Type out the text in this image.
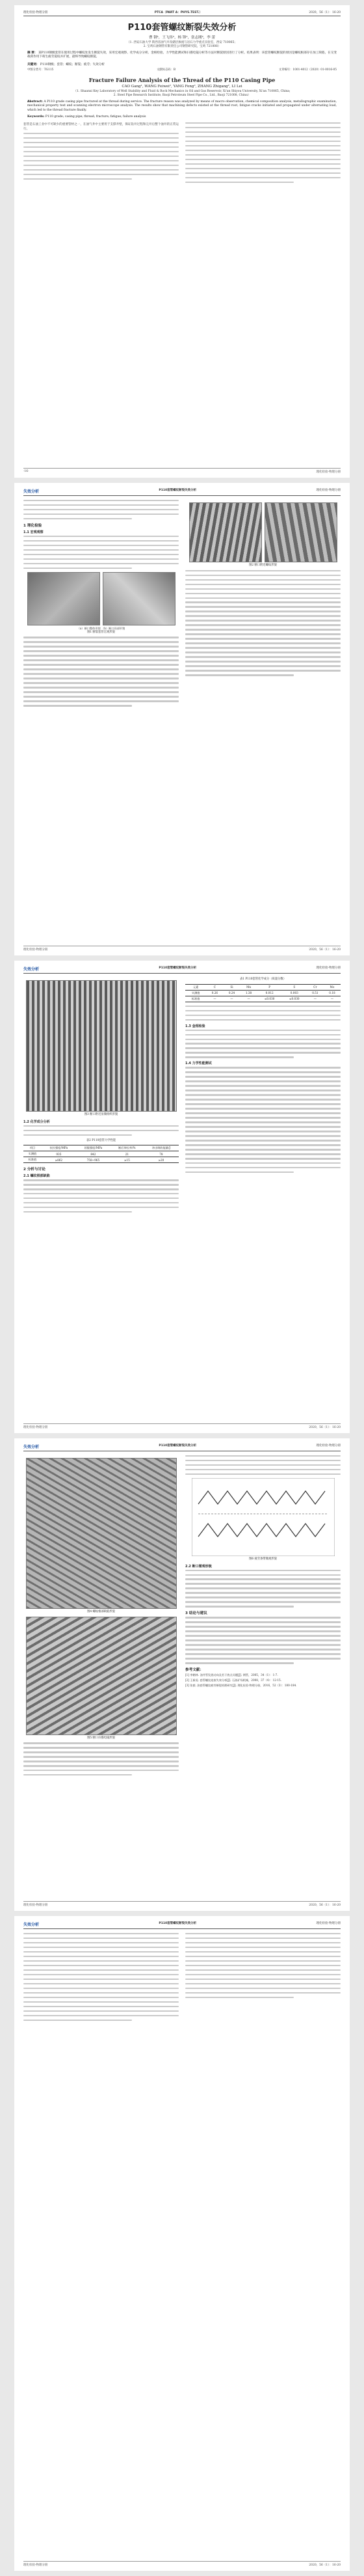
理化检验-物理分册	PTCA（PART A：PHYS.TEST.）	2020，56（1）：16-20
P110套管螺纹断裂失效分析
曹 钢¹，王飞伟²，杨 锋²，张志刚²，李 蕾
（1. 西安石油大学 陕西省油气井及储层渗流与岩石力学重点实验室，西安 710065；
2. 宝鸡石油钢管有限责任公司钢管研究院，宝鸡 721008）
摘 要： 某P110钢级套管在使用过程中螺纹处发生断裂失效，采用宏观观察、化学成分分析、金相检验、力学性能测试和扫描电镜分析等方法对断裂原因进行了分析。结果表明：该套管螺纹断裂的原因是螺纹根部存在加工缺陷，在交变载荷作用下萌生疲劳裂纹并扩展，最终导致螺纹断裂。
关键词： P110钢级；套管；螺纹；断裂；疲劳；失效分析
中图分类号：TG115	文献标志码：B	文章编号：1001-4012（2020）01-0016-05
Fracture Failure Analysis of the Thread of the P110 Casing Pipe
CAO Gang¹, WANG Feiwei², YANG Feng², ZHANG Zhigang², LI Lei
（1. Shaanxi Key Laboratory of Well Stability and Fluid & Rock Mechanics in Oil and Gas Reservoir, Xi'an Shiyou University, Xi'an 710065, China;
2. Steel Pipe Research Institute, Baoji Petroleum Steel Pipe Co., Ltd., Baoji 721008, China）
Abstract: A P110 grade casing pipe fractured at the thread during service. The fracture reason was analyzed by means of macro observation, chemical composition analysis, metallographic examination, mechanical property test and scanning electron microscope analysis. The results show that machining defects existed at the thread root, fatigue cracks initiated and propagated under alternating load, which led to the thread fracture finally.
Keywords: P110 grade; casing pipe; thread; fracture; fatigue; failure analysis

套管是石油工业中不可缺少的重要管材之一，在油气井中主要用于支撑井壁，保证钻井过程和完井后整个油井的正常运行。

·16·	理化检验-物理分册
失效分析	P110套管螺纹断裂失效分析	理化检验-物理分册
1 理化检验
1.1 宏观观察
（a）断口整体形貌 （b）断口局部形貌
图1 断裂套管宏观形貌
图2 断口附近螺纹形貌
理化检验-物理分册	2020，56（1）：16-20
失效分析	P110套管螺纹断裂失效分析	理化检验-物理分册
图3 断口附近显微组织形貌
1.2 化学成分分析
表2 P110套管力学性能
项目	抗拉强度/MPa	屈服强度/MPa	断后伸长率/%	冲击吸收能量/J
实测值	935	842	21	78
标准值	≥862	758~965	≥15	≥20
2 分析与讨论
2.1 螺纹根部缺陷
表1 P110套管化学成分（质量分数）
元素	C	Si	Mn	P	S	Cr	Mo
实测值	0.26	0.24	1.38	0.012	0.003	0.51	0.18
标准值	—	—	—	≤0.030	≤0.030	—	—
1.3 金相检验
1.4 力学性能测试
理化检验-物理分册	2020，56（1）：16-20
失效分析	P110套管螺纹断裂失效分析	理化检验-物理分册
图4 螺纹根部缺陷形貌
图5 断口扫描电镜形貌
图6 疲劳条带微观形貌
2.2 断口微观形貌
3 结论与建议
参考文献：

[1] 李鹤林. 油井管发展动向及若干热点问题[J]. 钢管，2005，34（1）：1-7.

[2] 王新虎. 套管螺纹连接失效分析[J]. 石油矿场机械，2008，37（4）：12-15.

[3] 张毅. 油套管螺纹疲劳断裂机理研究[J]. 理化检验-物理分册，2016，52（3）：180-184.

理化检验-物理分册	2020，56（1）：16-20
失效分析	P110套管螺纹断裂失效分析	理化检验-物理分册
理化检验-物理分册	2020，56（1）：16-20
